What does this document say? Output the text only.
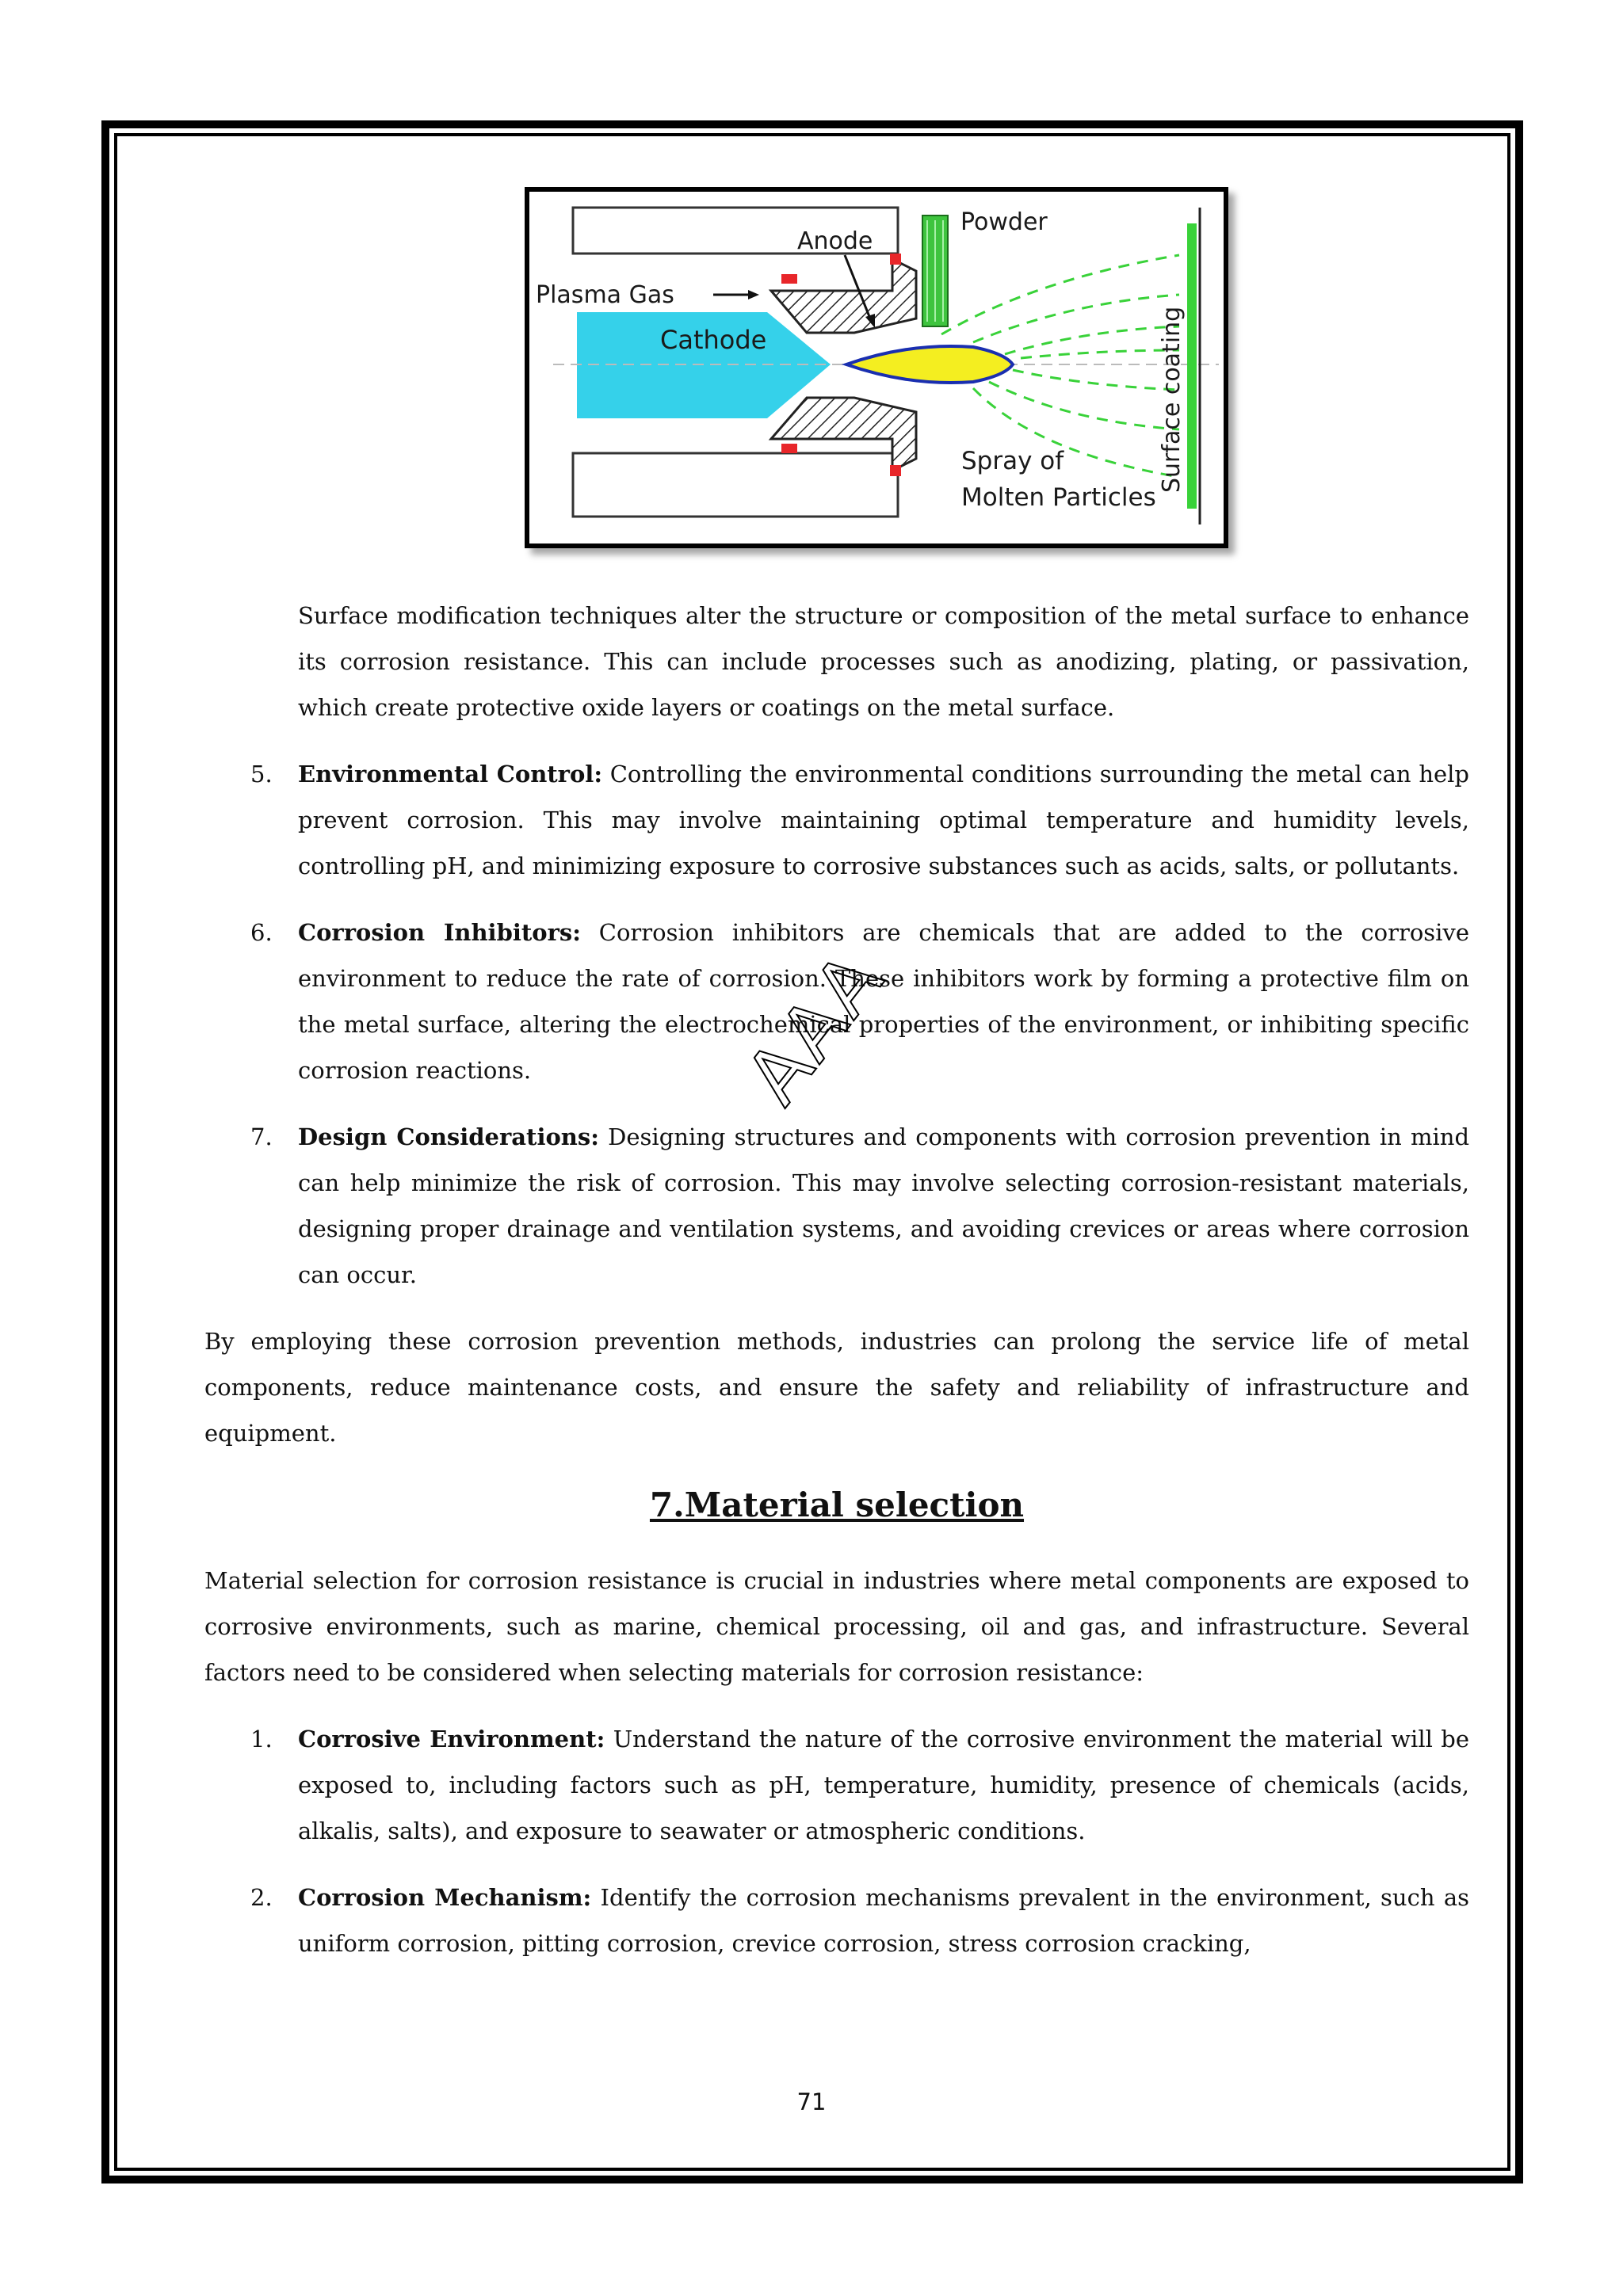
Anode
Powder
Plasma Gas
Cathode
Spray of
Molten Particles
Surface coating

Surface modification techniques alter the structure or composition of the metal surface to enhance its corrosion resistance. This can include processes such as anodizing, plating, or passivation, which create protective oxide layers or coatings on the metal surface.

5. Environmental Control: Controlling the environmental conditions surrounding the metal can help prevent corrosion. This may involve maintaining optimal temperature and humidity levels, controlling pH, and minimizing exposure to corrosive substances such as acids, salts, or pollutants.
6. Corrosion Inhibitors: Corrosion inhibitors are chemicals that are added to the corrosive environment to reduce the rate of corrosion. These inhibitors work by forming a protective film on the metal surface, altering the electrochemical properties of the environment, or inhibiting specific corrosion reactions.
7. Design Considerations: Designing structures and components with corrosion prevention in mind can help minimize the risk of corrosion. This may involve selecting corrosion-resistant materials, designing proper drainage and ventilation systems, and avoiding crevices or areas where corrosion can occur.

By employing these corrosion prevention methods, industries can prolong the service life of metal components, reduce maintenance costs, and ensure the safety and reliability of infrastructure and equipment.

7.Material selection

Material selection for corrosion resistance is crucial in industries where metal components are exposed to corrosive environments, such as marine, chemical processing, oil and gas, and infrastructure. Several factors need to be considered when selecting materials for corrosion resistance:

1. Corrosive Environment: Understand the nature of the corrosive environment the material will be exposed to, including factors such as pH, temperature, humidity, presence of chemicals (acids, alkalis, salts), and exposure to seawater or atmospheric conditions.
2. Corrosion Mechanism: Identify the corrosion mechanisms prevalent in the environment, such as uniform corrosion, pitting corrosion, crevice corrosion, stress corrosion cracking,
AAA
71
